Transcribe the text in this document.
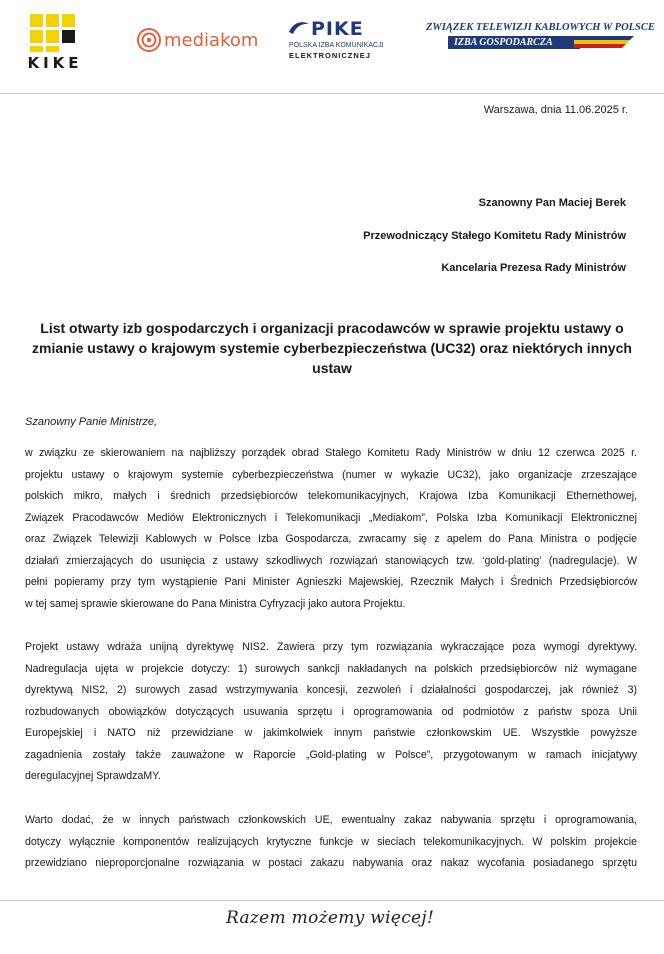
KIKE
mediakom
PIKE
POLSKA IZBA KOMUNIKACJI
ELEKTRONICZNEJ
ZWIĄZEK TELEWIZJI KABLOWYCH W POLSCE
IZBA GOSPODARCZA
Warszawa, dnia 11.06.2025 r.
Szanowny Pan Maciej Berek
Przewodniczący Stałego Komitetu Rady Ministrów
Kancelaria Prezesa Rady Ministrów
List otwarty izb gospodarczych i organizacji pracodawców w sprawie projektu ustawy o
zmianie ustawy o krajowym systemie cyberbezpieczeństwa (UC32) oraz niektórych innych
ustaw
Szanowny Panie Ministrze,
w związku ze skierowaniem na najbliższy porządek obrad Stałego Komitetu Rady Ministrów w dniu 12 czerwca 2025 r.
projektu ustawy o krajowym systemie cyberbezpieczeństwa (numer w wykazie UC32), jako organizacje zrzeszające
polskich mikro, małych i średnich przedsiębiorców telekomunikacyjnych, Krajowa Izba Komunikacji Ethernethowej,
Związek Pracodawców Mediów Elektronicznych i Telekomunikacji „Mediakom”, Polska Izba Komunikacji Elektronicznej
oraz Związek Telewizji Kablowych w Polsce Izba Gospodarcza, zwracamy się z apelem do Pana Ministra o podjęcie
działań zmierzających do usunięcia z ustawy szkodliwych rozwiązań stanowiących tzw. ‘gold-plating’ (nadregulacje). W
pełni popieramy przy tym wystąpienie Pani Minister Agnieszki Majewskiej, Rzecznik Małych i Średnich Przedsiębiorców
w tej samej sprawie skierowane do Pana Ministra Cyfryzacji jako autora Projektu.
Projekt ustawy wdraża unijną dyrektywę NIS2. Zawiera przy tym rozwiązania wykraczające poza wymogi dyrektywy.
Nadregulacja ujęta w projekcie dotyczy: 1) surowych sankcji nakładanych na polskich przedsiębiorców niż wymagane
dyrektywą NIS2, 2) surowych zasad wstrzymywania koncesji, zezwoleń i działalności gospodarczej, jak również 3)
rozbudowanych obowiązków dotyczących usuwania sprzętu i oprogramowania od podmiotów z państw spoza Unii
Europejskiej i NATO niż przewidziane w jakimkolwiek innym państwie członkowskim UE. Wszystkie powyższe
zagadnienia zostały także zauważone w Raporcie „Gold-plating w Polsce”, przygotowanym w ramach inicjatywy
deregulacyjnej SprawdzaMY.
Warto dodać, że w innych państwach członkowskich UE, ewentualny zakaz nabywania sprzętu i oprogramowania,
dotyczy wyłącznie komponentów realizujących krytyczne funkcje w sieciach telekomunikacyjnych. W polskim projekcie
przewidziano nieproporcjonalne rozwiązania w postaci zakazu nabywania oraz nakaz wycofania posiadanego sprzętu
Razem możemy więcej!
